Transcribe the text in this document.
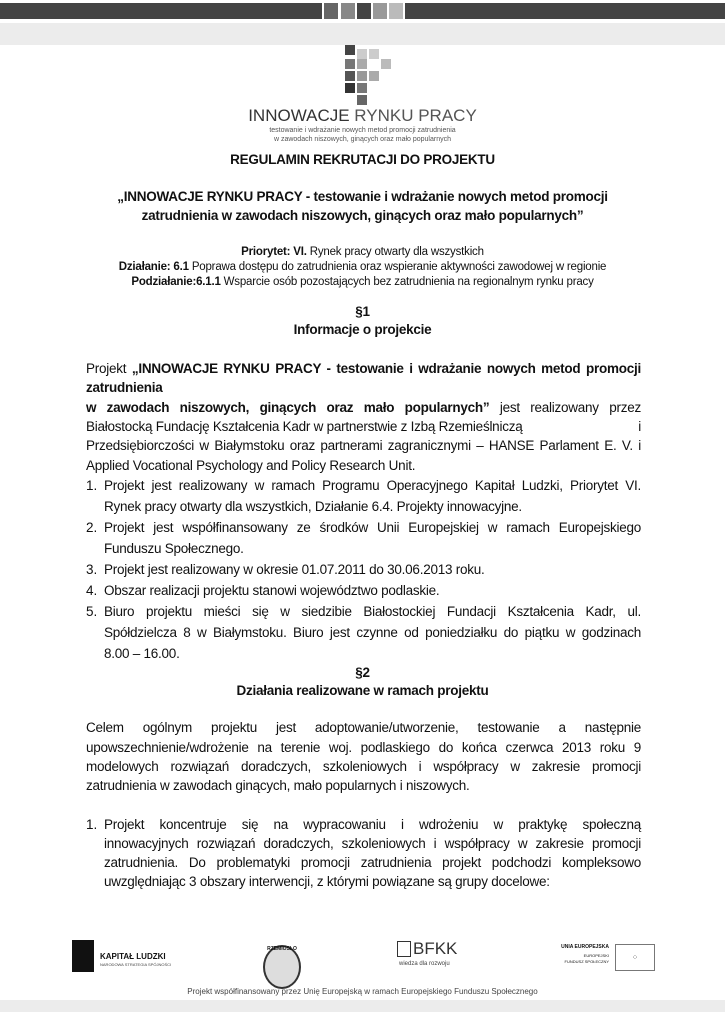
INNOWACJE RYNKU PRACY
testowanie i wdrażanie nowych metod promocji zatrudnienia
w zawodach niszowych, ginących oraz mało popularnych
REGULAMIN REKRUTACJI DO PROJEKTU
„INNOWACJE RYNKU PRACY - testowanie i wdrażanie nowych metod promocji
zatrudnienia w zawodach niszowych, ginących oraz mało popularnych”
Priorytet: VI. Rynek pracy otwarty dla wszystkich
Działanie: 6.1 Poprawa dostępu do zatrudnienia oraz wspieranie aktywności zawodowej w regionie
Podziałanie:6.1.1 Wsparcie osób pozostających bez zatrudnienia na regionalnym rynku pracy
§1
Informacje o projekcie
Projekt „INNOWACJE RYNKU PRACY - testowanie i wdrażanie nowych metod promocji
zatrudnienia
w zawodach niszowych, ginących oraz mało popularnych” jest realizowany przez
Białostocką Fundację Kształcenia Kadr w partnerstwie z Izbą Rzemieślniczą	i
Przedsiębiorczości w Białymstoku oraz partnerami zagranicznymi – HANSE Parlament E. V. i
Applied Vocational Psychology and Policy Research Unit.
1. Projekt jest realizowany w ramach Programu Operacyjnego Kapitał Ludzki, Priorytet VI.
Rynek pracy otwarty dla wszystkich, Działanie 6.4. Projekty innowacyjne.
2. Projekt jest współfinansowany ze środków Unii Europejskiej w ramach Europejskiego
Funduszu Społecznego.
3. Projekt jest realizowany w okresie 01.07.2011 do 30.06.2013 roku.
4. Obszar realizacji projektu stanowi województwo podlaskie.
5. Biuro projektu mieści się w siedzibie Białostockiej Fundacji Kształcenia Kadr, ul.
Spółdzielcza 8 w Białymstoku. Biuro jest czynne od poniedziałku do piątku w godzinach
8.00 – 16.00.
§2
Działania realizowane w ramach projektu
Celem ogólnym projektu jest adoptowanie/utworzenie, testowanie a następnie
upowszechnienie/wdrożenie na terenie woj. podlaskiego do końca czerwca 2013 roku 9
modelowych rozwiązań doradczych, szkoleniowych i współpracy w zakresie promocji
zatrudnienia w zawodach ginących, mało popularnych i niszowych.
1. Projekt koncentruje się na wypracowaniu i wdrożeniu w praktykę społeczną
innowacyjnych rozwiązań doradczych, szkoleniowych i współpracy w zakresie promocji
zatrudnienia. Do problematyki promocji zatrudnienia projekt podchodzi kompleksowo
uwzględniając 3 obszary interwencji, z którymi powiązane są grupy docelowe:
KAPITAŁ LUDZKI
NARODOWA STRATEGIA SPÓJNOŚCI
RZEMIOSŁO	BFKK
wiedza dla rozwoju
UNIA EUROPEJSKA
EUROPEJSKI
FUNDUSZ SPOŁECZNY	⁘
Projekt współfinansowany przez Unię Europejską w ramach Europejskiego Funduszu Społecznego
